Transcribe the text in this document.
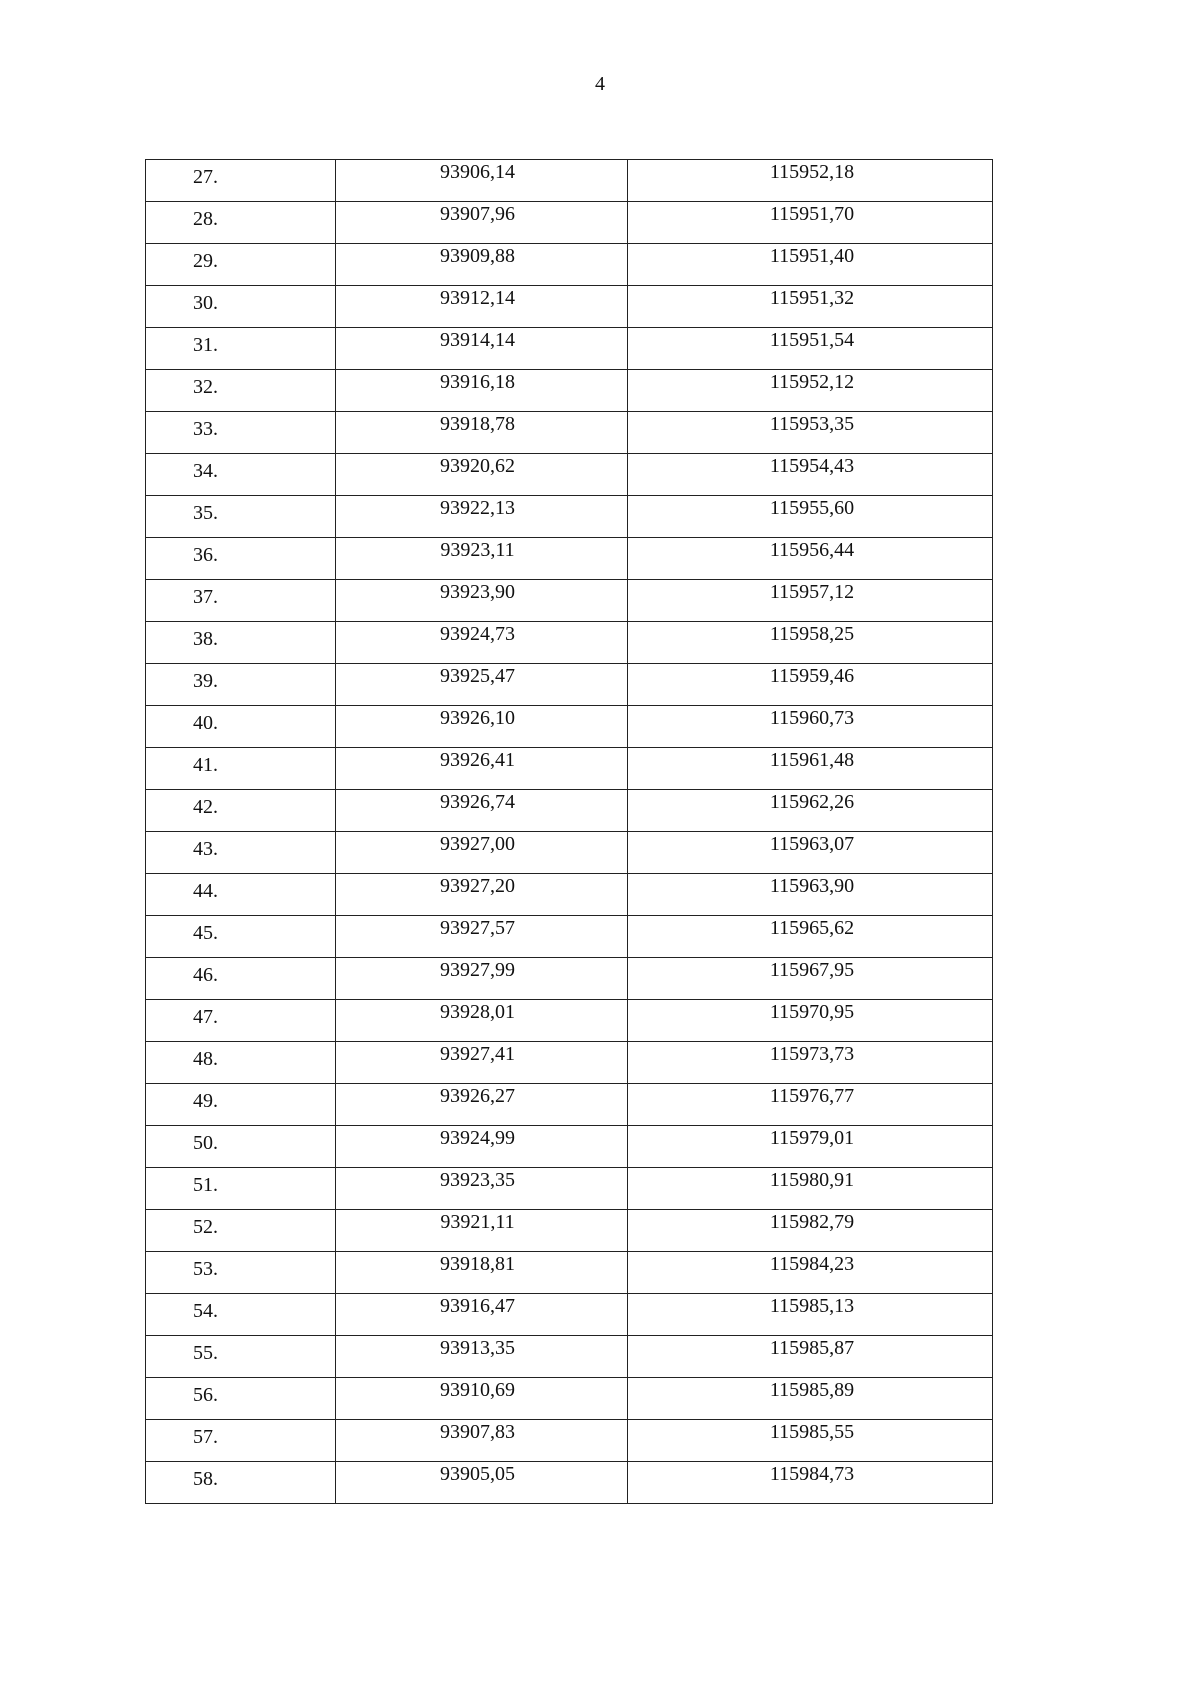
4
27.	93906,14	115952,18

28.	93907,96	115951,70

29.	93909,88	115951,40

30.	93912,14	115951,32

31.	93914,14	115951,54

32.	93916,18	115952,12

33.	93918,78	115953,35

34.	93920,62	115954,43

35.	93922,13	115955,60

36.	93923,11	115956,44

37.	93923,90	115957,12

38.	93924,73	115958,25

39.	93925,47	115959,46

40.	93926,10	115960,73

41.	93926,41	115961,48

42.	93926,74	115962,26

43.	93927,00	115963,07

44.	93927,20	115963,90

45.	93927,57	115965,62

46.	93927,99	115967,95

47.	93928,01	115970,95

48.	93927,41	115973,73

49.	93926,27	115976,77

50.	93924,99	115979,01

51.	93923,35	115980,91

52.	93921,11	115982,79

53.	93918,81	115984,23

54.	93916,47	115985,13

55.	93913,35	115985,87

56.	93910,69	115985,89

57.	93907,83	115985,55

58.	93905,05	115984,73
